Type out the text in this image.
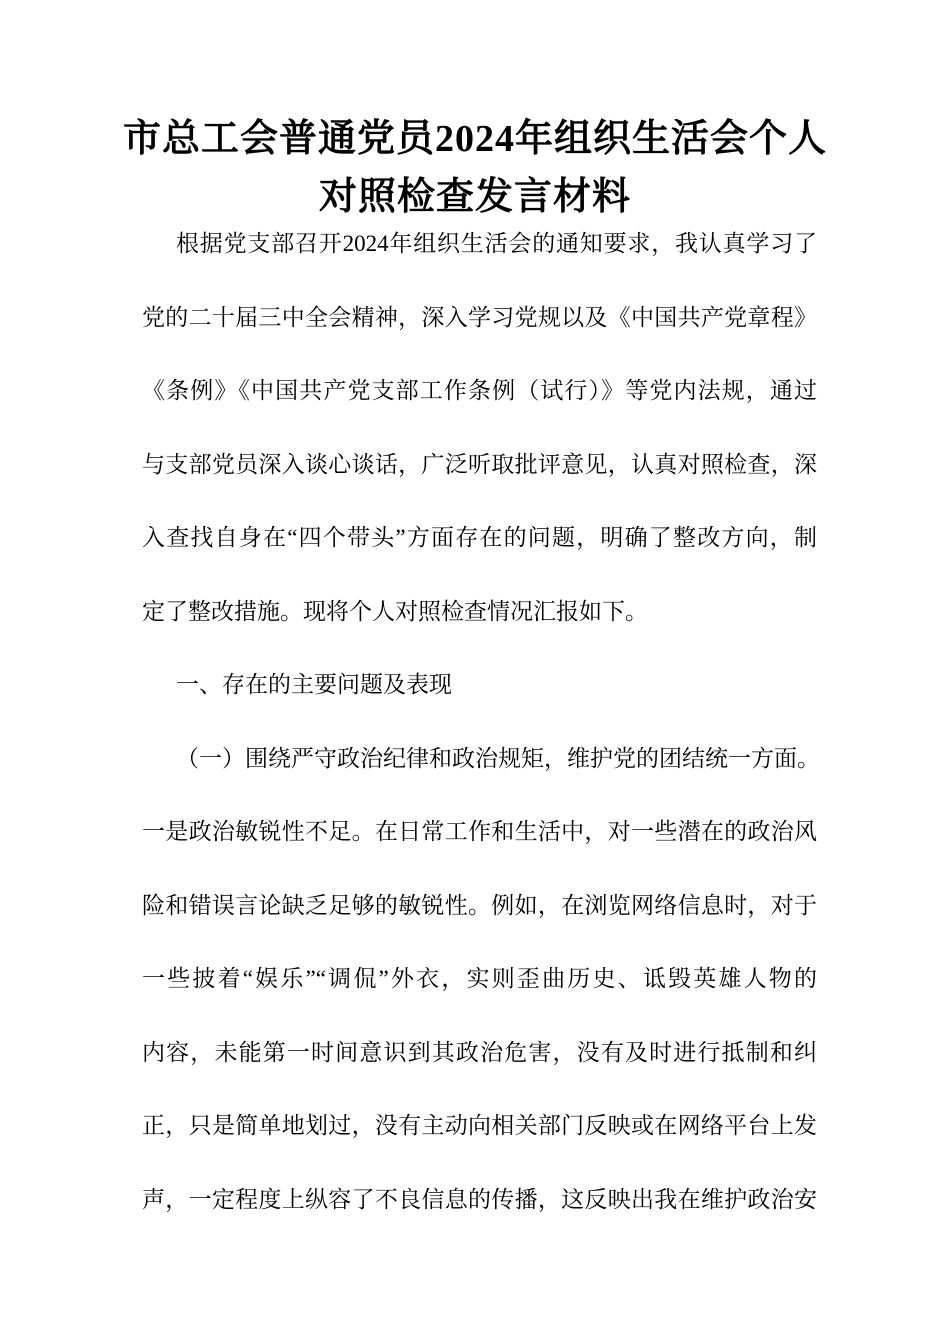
市总工会普通党员2024年组织生活会个人
对照检查发言材料
根据党支部召开2024年组织生活会的通知要求，我认真学习了
党的二十届三中全会精神，深入学习党规以及《中国共产党章程》
《条例》《中国共产党支部工作条例（试行）》等党内法规，通过
与支部党员深入谈心谈话，广泛听取批评意见，认真对照检查，深
入查找自身在“四个带头”方面存在的问题，明确了整改方向，制
定了整改措施。现将个人对照检查情况汇报如下。
一、存在的主要问题及表现
（一）围绕严守政治纪律和政治规矩，维护党的团结统一方面。
一是政治敏锐性不足。在日常工作和生活中，对一些潜在的政治风
险和错误言论缺乏足够的敏锐性。例如，在浏览网络信息时，对于
一些披着“娱乐”“调侃”外衣，实则歪曲历史、诋毁英雄人物的
内容，未能第一时间意识到其政治危害，没有及时进行抵制和纠
正，只是简单地划过，没有主动向相关部门反映或在网络平台上发
声，一定程度上纵容了不良信息的传播，这反映出我在维护政治安
